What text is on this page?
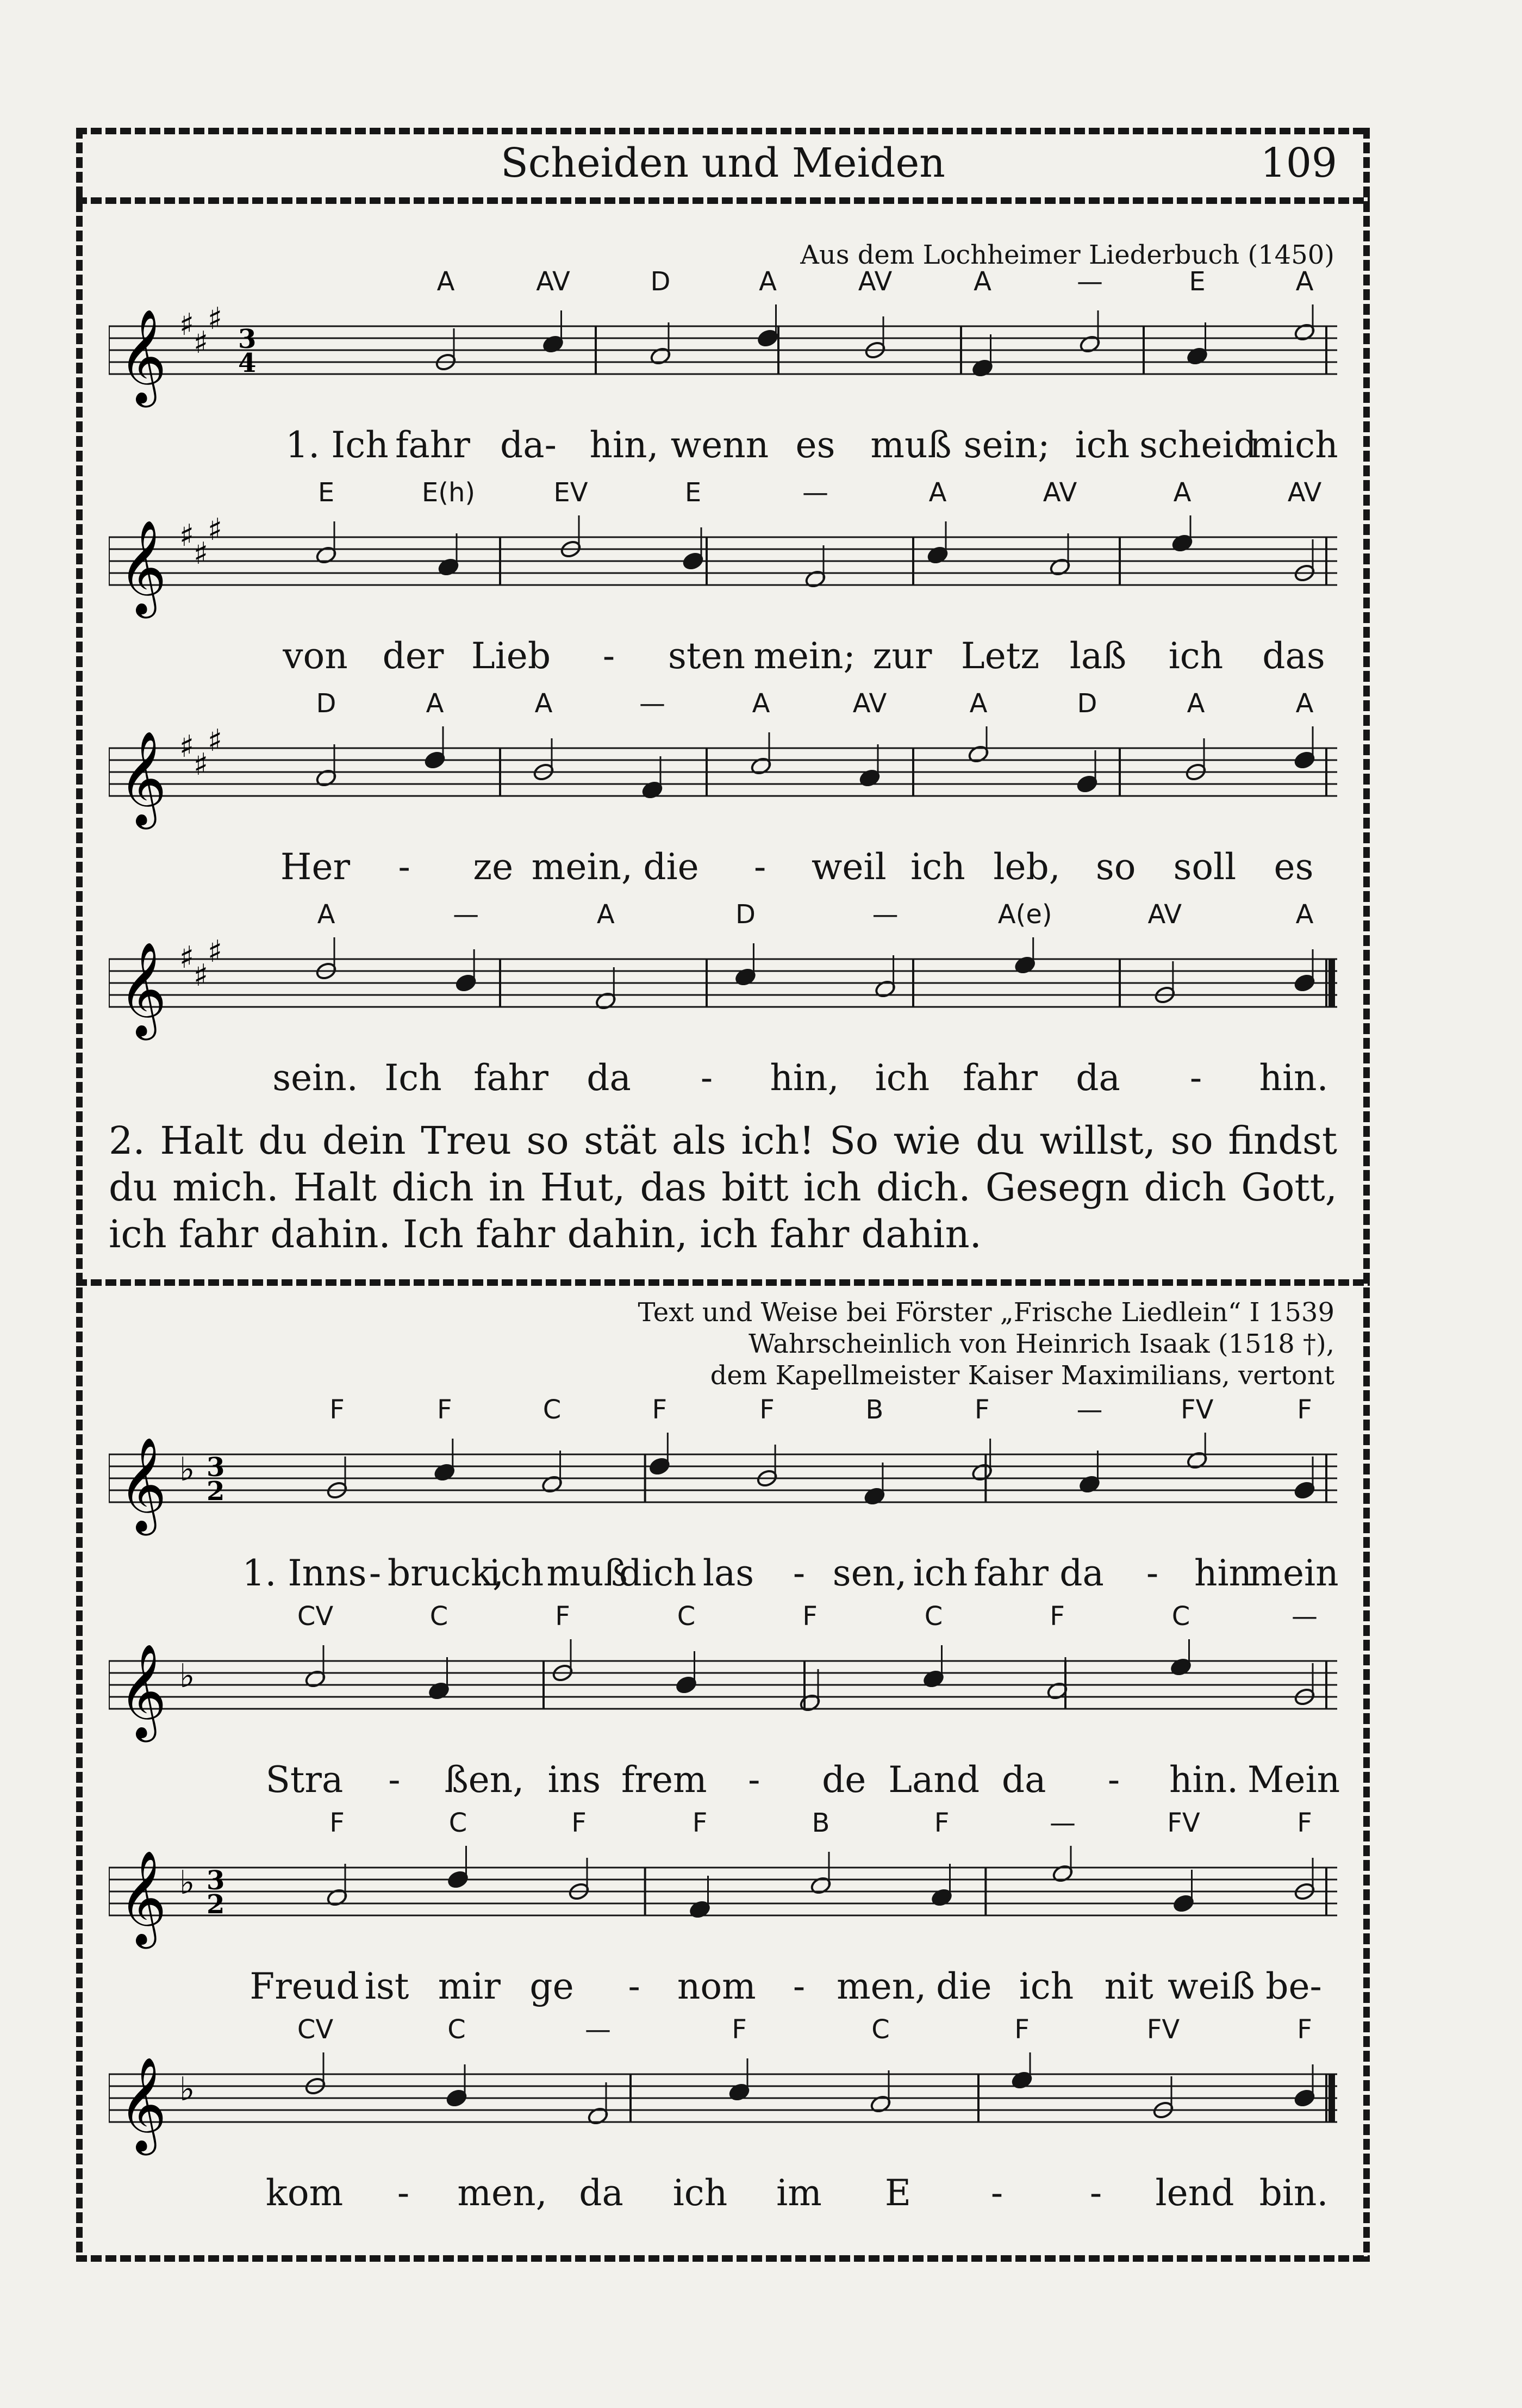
Scheiden und Meiden	109
Aus dem Lochheimer Liederbuch (1450)
A	AV	D	A	AV	A	—	E	A
𝄞 ♯
♯
♯
3
4
1. Ich fahr da- hin, wenn es muß sein; ich scheid
mich
E	E(h)	EV	E	—	A	AV	A	AV
𝄞 ♯
♯
♯
von der Lieb - sten mein; zur Letz laß ich das
D	A	A	—	A	AV	A	D	A	A
𝄞 ♯
♯
♯
Her - ze mein, die - weil ich leb, so soll es
A	—	A	D	—	A(e)	AV	A
𝄞 ♯
♯
♯
sein. Ich fahr da - hin, ich fahr da - hin.
2. Halt du dein Treu so stät als ich! So wie du willst, so findst du mich. Halt dich in Hut, das bitt ich dich. Gesegn dich Gott, ich fahr dahin. Ich fahr dahin, ich fahr dahin.
Text und Weise bei Förster „Frische Liedlein“ I 1539
Wahrscheinlich von Heinrich Isaak (1518 †),
dem Kapellmeister Kaiser Maximilians, vertont
F	F	C	F	F	B	F	—	FV	F
𝄞 ♭ 3
2
1. Inns - bruck,
ich muß
dich las - sen, ich fahr da - hin
mein
CV	C	F	C	F	C	F	C	—
𝄞 ♭
Stra - ßen, ins frem - de Land da - hin. Mein
F	C	F	F	B	F	—	FV	F
𝄞 ♭ 3
2
Freud ist mir ge - nom - men, die ich nit weiß be-
CV	C	—	F	C	F	FV	F
𝄞 ♭
kom - men, da ich im E - - lend bin.
